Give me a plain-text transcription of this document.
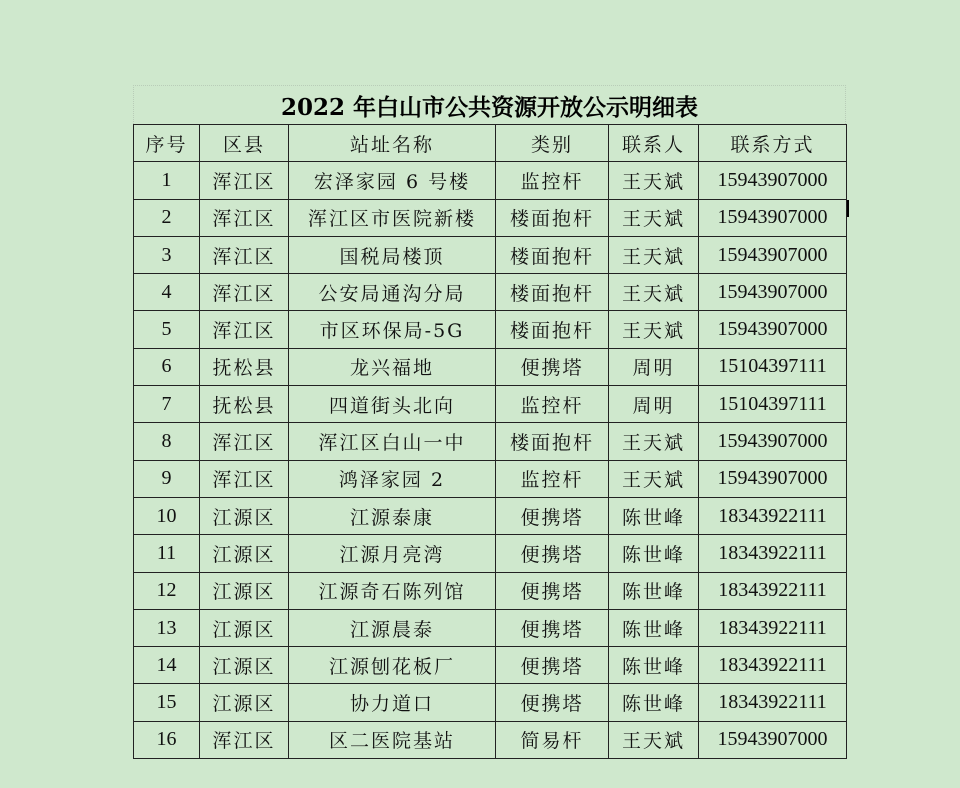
2022 年白山市公共资源开放公示明细表
序号	区县	站址名称	类别	联系人	联系方式
1	浑江区	宏泽家园 6 号楼	监控杆	王天斌	15943907000
2	浑江区	浑江区市医院新楼	楼面抱杆	王天斌	15943907000
3	浑江区	国税局楼顶	楼面抱杆	王天斌	15943907000
4	浑江区	公安局通沟分局	楼面抱杆	王天斌	15943907000
5	浑江区	市区环保局-5G	楼面抱杆	王天斌	15943907000
6	抚松县	龙兴福地	便携塔	周明	15104397111
7	抚松县	四道街头北向	监控杆	周明	15104397111
8	浑江区	浑江区白山一中	楼面抱杆	王天斌	15943907000
9	浑江区	鸿泽家园 2	监控杆	王天斌	15943907000
10	江源区	江源泰康	便携塔	陈世峰	18343922111
11	江源区	江源月亮湾	便携塔	陈世峰	18343922111
12	江源区	江源奇石陈列馆	便携塔	陈世峰	18343922111
13	江源区	江源晨泰	便携塔	陈世峰	18343922111
14	江源区	江源刨花板厂	便携塔	陈世峰	18343922111
15	江源区	协力道口	便携塔	陈世峰	18343922111
16	浑江区	区二医院基站	简易杆	王天斌	15943907000
